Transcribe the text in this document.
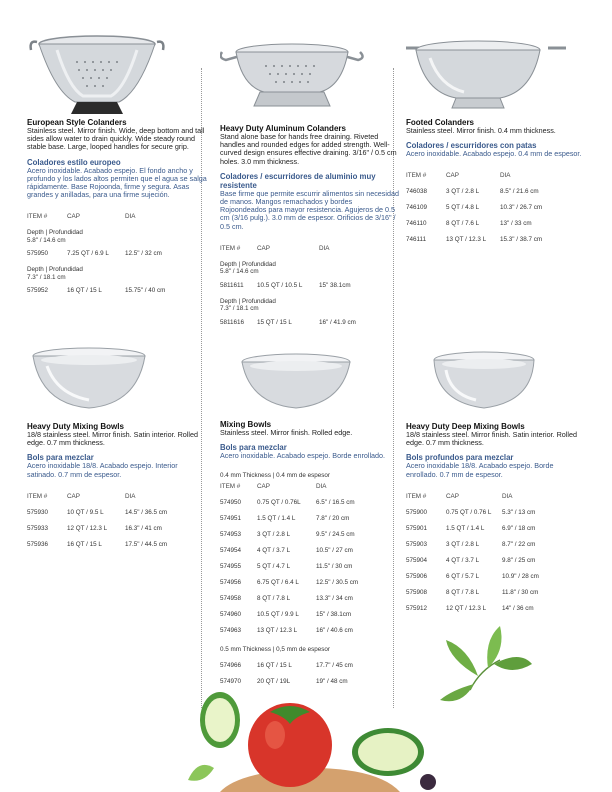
European Style Colanders
Stainless steel. Mirror finish. Wide, deep bottom and tall sides allow water to drain quickly. Wide steady round stable base. Large, looped handles for secure grip.
Coladores estilo europeo
Acero inoxidable. Acabado espejo. El fondo ancho y profundo y los lados altos permiten que el agua se salga rápidamente. Base Rojoonda, firme y segura. Asas grandes y anilladas, para una firme sujeción.
ITEM #	CAP	DIA
Depth | Profundidad
5.8" / 14.6 cm
575950	7.25 QT / 6.9 L	12.5" / 32 cm
Depth | Profundidad
7.3" / 18.1 cm
575952	16 QT / 15 L	15.75" / 40 cm
Heavy Duty Mixing Bowls
18/8 stainless steel. Mirror finish. Satin interior. Rolled edge. 0.7 mm thickness.
Bols para mezclar
Acero inoxidable 18/8. Acabado espejo. Interior satinado. 0.7 mm de espesor.
ITEM #	CAP	DIA
575930	10 QT / 9.5 L	14.5" / 36.5 cm
575933	12 QT / 12.3 L	16.3" / 41 cm
575936	16 QT / 15 L	17.5" / 44.5 cm
Heavy Duty Aluminum Colanders
Stand alone base for hands free draining. Riveted handles and rounded edges for added strength. Well-curved design ensures effective draining. 3/16" / 0.5 cm holes. 3.0 mm thickness.
Coladores / escurridores de aluminio muy resistente
Base firme que permite escurrir alimentos sin necesidad de manos. Mangos remachados y bordes Rojoondeados para mayor resistencia. Agujeros de 0.5 cm (3/16 pulg.). 3.0 mm de espesor. Orificios de 3/16" / 0.5 cm.
ITEM #	CAP	DIA
Depth | Profundidad
5.8" / 14.6 cm
5811611	10.5 QT / 10.5 L	15" 38.1cm
Depth | Profundidad
7.3" / 18.1 cm
5811616	15 QT / 15 L	16" / 41.9 cm
Mixing Bowls
Stainless steel. Mirror finish. Rolled edge.
Bols para mezclar
Acero inoxidable. Acabado espejo. Borde enrollado.
0.4 mm Thickness | 0.4 mm de espesor
ITEM #	CAP	DIA
574950	0.75 QT / 0.76L	6.5" / 16.5 cm
574951	1.5 QT / 1.4 L	7.8" / 20 cm
574953	3 QT / 2.8 L	9.5" / 24.5 cm
574954	4 QT / 3.7 L	10.5" / 27 cm
574955	5 QT / 4.7 L	11.5" / 30 cm
574956	6.75 QT / 6.4 L	12.5" / 30.5 cm
574958	8 QT / 7.8 L	13.3" / 34 cm
574960	10.5 QT / 9.9 L	15" / 38.1cm
574963	13 QT / 12.3 L	16" / 40.6 cm
0.5 mm Thickness | 0,5 mm de espesor
574966	16 QT / 15 L	17.7" / 45 cm
574970	20 QT / 19L	19" / 48 cm
Footed Colanders
Stainless steel. Mirror finish. 0.4 mm thickness.
Coladores / escurridores con patas
Acero inoxidable. Acabado espejo. 0.4 mm de espesor.
ITEM #	CAP	DIA
746038	3 QT / 2.8 L	8.5" / 21.6 cm
746109	5 QT / 4.8 L	10.3" / 26.7 cm
746110	8 QT / 7.6 L	13" / 33 cm
746111	13 QT / 12.3 L	15.3" / 38.7 cm
Heavy Duty Deep Mixing Bowls
18/8 stainless steel. Mirror finish. Satin interior. Rolled edge. 0.7 mm thickness.
Bols profundos para mezclar
Acero inoxidable 18/8. Acabado espejo. Borde enrollado. 0.7 mm de espesor.
ITEM #	CAP	DIA
575900	0.75 QT / 0.76 L	5.3" / 13 cm
575901	1.5 QT / 1.4 L	6.9" / 18 cm
575903	3 QT / 2.8 L	8.7" / 22 cm
575904	4 QT / 3.7 L	9.8" / 25 cm
575906	6 QT / 5.7 L	10.9" / 28 cm
575908	8 QT / 7.8 L	11.8" / 30 cm
575912	12 QT / 12.3 L	14" / 36 cm
